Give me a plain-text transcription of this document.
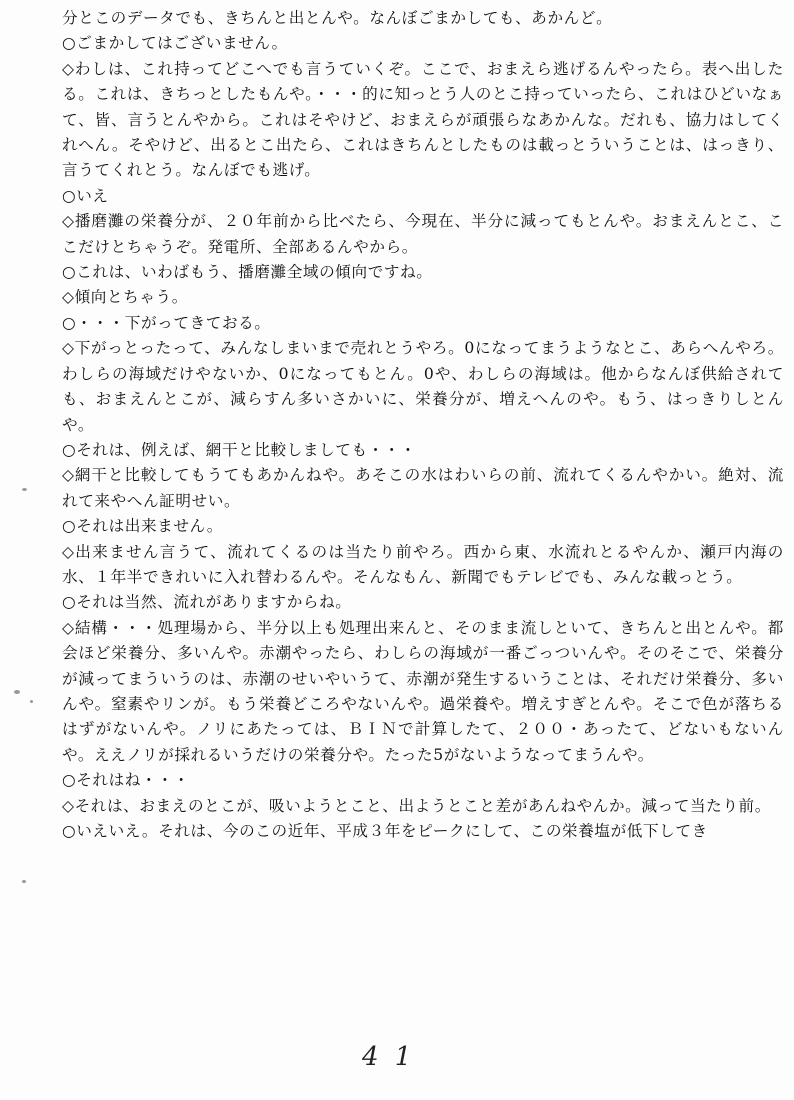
分とこのデータでも、きちんと出とんや。なんぼごまかしても、あかんど。

○ごまかしてはございません。

◇わしは、これ持ってどこへでも言うていくぞ。ここで、おまえら逃げるんやったら。表へ出したる。これは、きちっとしたもんや。・・・的に知っとう人のとこ持っていったら、これはひどいなぁて、皆、言うとんやから。これはそやけど、おまえらが頑張らなあかんな。だれも、協力はしてくれへん。そやけど、出るとこ出たら、これはきちんとしたものは載っとういうことは、はっきり、言うてくれとう。なんぼでも逃げ。

○いえ

◇播磨灘の栄養分が、２０年前から比べたら、今現在、半分に減ってもとんや。おまえんとこ、ここだけとちゃうぞ。発電所、全部あるんやから。

○これは、いわばもう、播磨灘全域の傾向ですね。

◇傾向とちゃう。

○・・・下がってきておる。

◇下がっとったって、みんなしまいまで売れとうやろ。0になってまうようなとこ、あらへんやろ。わしらの海域だけやないか、0になってもとん。0や、わしらの海域は。他からなんぼ供給されても、おまえんとこが、減らすん多いさかいに、栄養分が、増えへんのや。もう、はっきりしとんや。

○それは、例えば、網干と比較しましても・・・

◇網干と比較してもうてもあかんねや。あそこの水はわいらの前、流れてくるんやかい。絶対、流れて来やへん証明せい。

○それは出来ません。

◇出来ません言うて、流れてくるのは当たり前やろ。西から東、水流れとるやんか、瀬戸内海の水、１年半できれいに入れ替わるんや。そんなもん、新聞でもテレビでも、みんな載っとう。

○それは当然、流れがありますからね。

◇結構・・・処理場から、半分以上も処理出来んと、そのまま流しといて、きちんと出とんや。都会ほど栄養分、多いんや。赤潮やったら、わしらの海域が一番ごっついんや。そのそこで、栄養分が減ってまういうのは、赤潮のせいやいうて、赤潮が発生するいうことは、それだけ栄養分、多いんや。窒素やリンが。もう栄養どころやないんや。過栄養や。増えすぎとんや。そこで色が落ちるはずがないんや。ノリにあたっては、ＢＩＮで計算したて、２００・あったて、どないもないんや。ええノリが採れるいうだけの栄養分や。たった5がないようなってまうんや。

○それはね・・・

◇それは、おまえのとこが、吸いようとこと、出ようとこと差があんねやんか。減って当たり前。

○いえいえ。それは、今のこの近年、平成３年をピークにして、この栄養塩が低下してき

4 1
